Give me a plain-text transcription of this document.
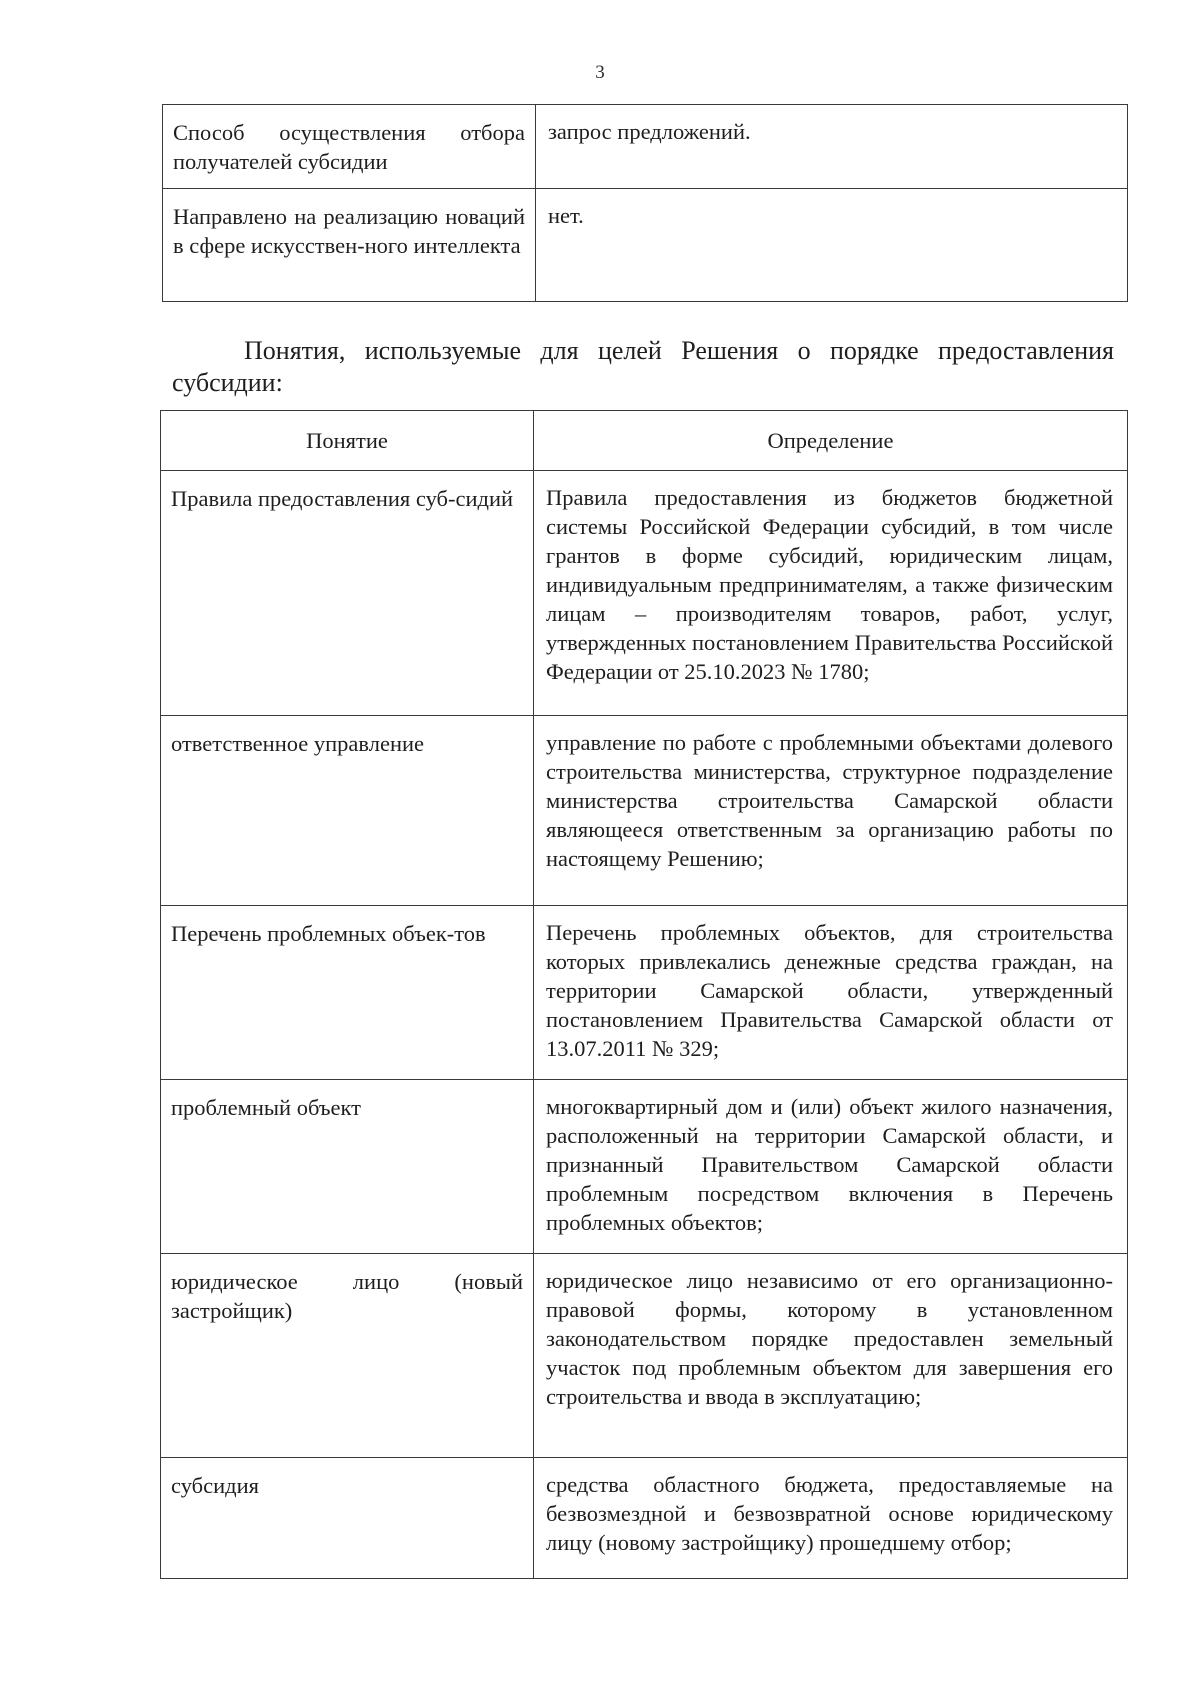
3
Способ осуществления отбора получателей субсидии	запрос предложений.
Направлено на реализацию новаций в сфере искусствен-ного интеллекта	нет.
Понятия, используемые для целей Решения о порядке предоставления субсидии:
Понятие	Определение
Правила предоставления суб-сидий	Правила предоставления из бюджетов бюджетной системы Российской Федерации субсидий, в том числе грантов в форме субсидий, юридическим лицам, индивидуальным предпринимателям, а также физическим лицам – производителям товаров, работ, услуг, утвержденных постановлением Правительства Российской Федерации от 25.10.2023 № 1780;
ответственное управление	управление по работе с проблемными объектами долевого строительства министерства, структурное подразделение министерства строительства Самарской области являющееся ответственным за организацию работы по настоящему Решению;
Перечень проблемных объек-тов	Перечень проблемных объектов, для строительства которых привлекались денежные средства граждан, на территории Самарской области, утвержденный постановлением Правительства Самарской области от 13.07.2011 № 329;
проблемный объект	многоквартирный дом и (или) объект жилого назначения, расположенный на территории Самарской области, и признанный Правительством Самарской области проблемным посредством включения в Перечень проблемных объектов;
юридическое лицо (новый застройщик)	юридическое лицо независимо от его организационно-правовой формы, которому в установленном законодательством порядке предоставлен земельный участок под проблемным объектом для завершения его строительства и ввода в эксплуатацию;
субсидия	средства областного бюджета, предоставляемые на безвозмездной и безвозвратной основе юридическому лицу (новому застройщику) прошедшему отбор;
